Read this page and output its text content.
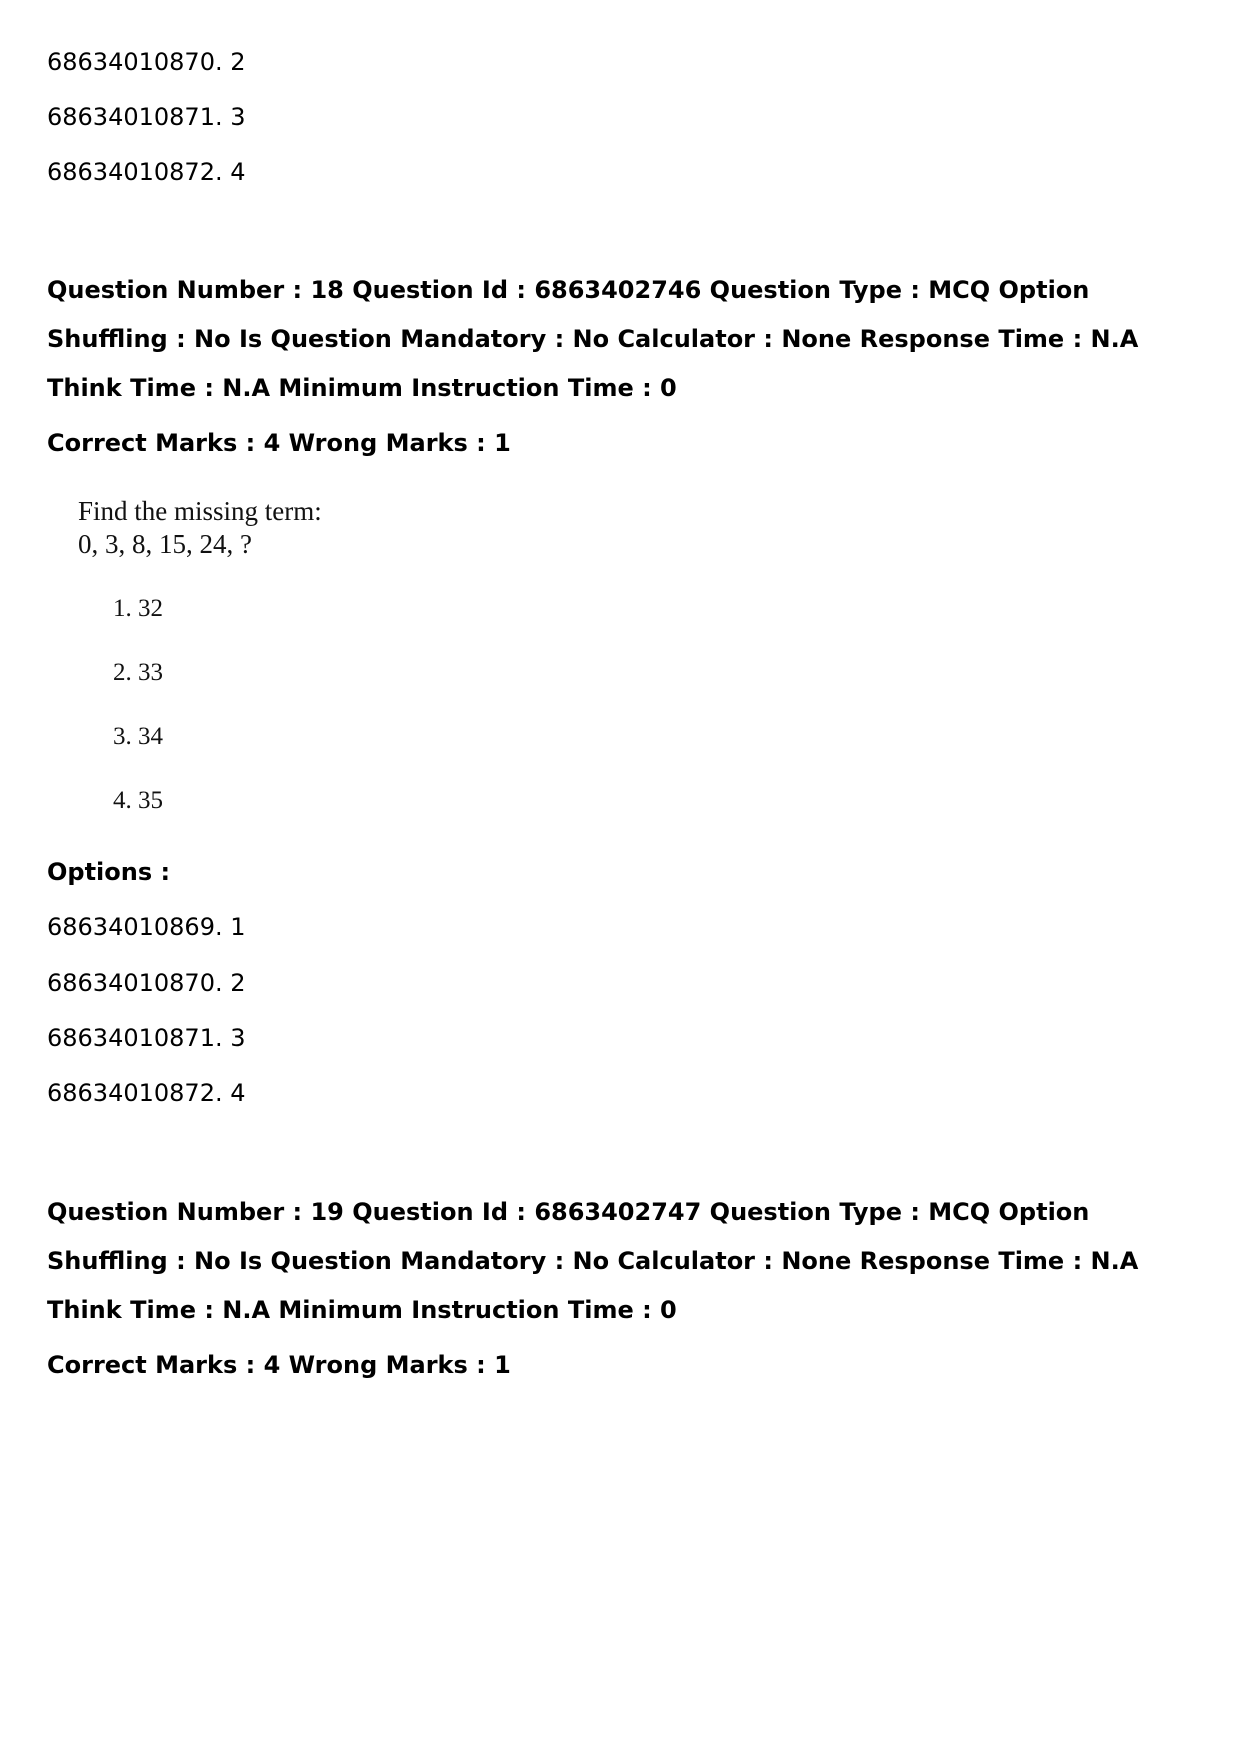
68634010870. 2

68634010871. 3

68634010872. 4

Question Number : 18 Question Id : 6863402746 Question Type : MCQ Option Shuffling : No Is Question Mandatory : No Calculator : None Response Time : N.A Think Time : N.A Minimum Instruction Time : 0

Correct Marks : 4 Wrong Marks : 1

Find the missing term:

0, 3, 8, 15, 24, ?

1. 32

2. 33

3. 34

4. 35

Options :

68634010869. 1

68634010870. 2

68634010871. 3

68634010872. 4

Question Number : 19 Question Id : 6863402747 Question Type : MCQ Option Shuffling : No Is Question Mandatory : No Calculator : None Response Time : N.A Think Time : N.A Minimum Instruction Time : 0

Correct Marks : 4 Wrong Marks : 1
